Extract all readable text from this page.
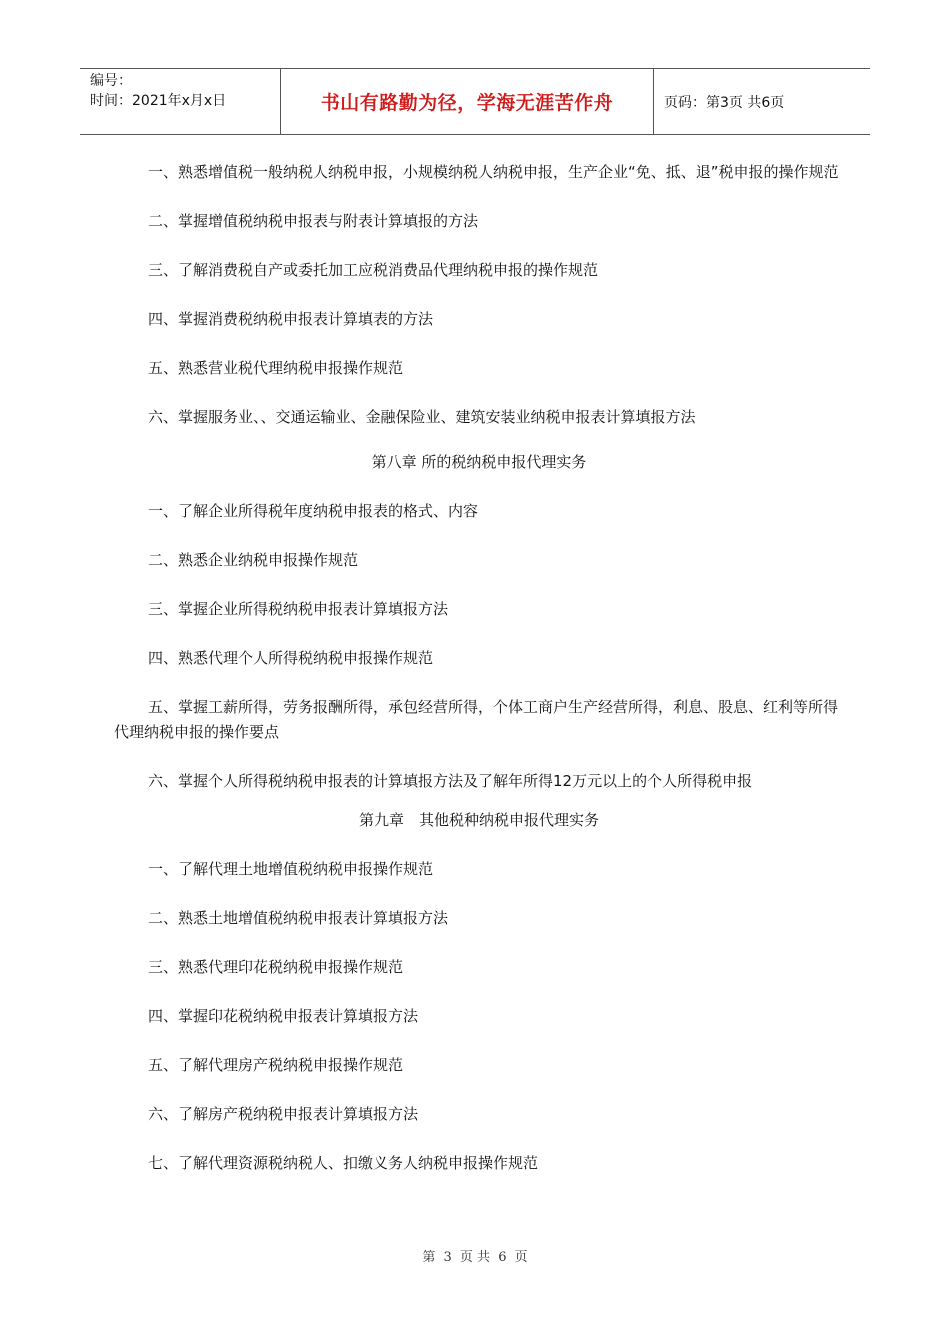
编号：
时间：2021年x月x日	书山有路勤为径，学海无涯苦作舟	页码：第3页 共6页

一、熟悉增值税一般纳税人纳税申报，小规模纳税人纳税申报，生产企业“免、抵、退”税申报的操作规范

二、掌握增值税纳税申报表与附表计算填报的方法

三、了解消费税自产或委托加工应税消费品代理纳税申报的操作规范

四、掌握消费税纳税申报表计算填表的方法

五、熟悉营业税代理纳税申报操作规范

六、掌握服务业、、交通运输业、金融保险业、建筑安装业纳税申报表计算填报方法

第八章 所的税纳税申报代理实务

一、了解企业所得税年度纳税申报表的格式、内容

二、熟悉企业纳税申报操作规范

三、掌握企业所得税纳税申报表计算填报方法

四、熟悉代理个人所得税纳税申报操作规范

五、掌握工薪所得，劳务报酬所得，承包经营所得，个体工商户生产经营所得，利息、股息、红利等所得代理纳税申报的操作要点

六、掌握个人所得税纳税申报表的计算填报方法及了解年所得12万元以上的个人所得税申报

第九章　其他税种纳税申报代理实务

一、了解代理土地增值税纳税申报操作规范

二、熟悉土地增值税纳税申报表计算填报方法

三、熟悉代理印花税纳税申报操作规范

四、掌握印花税纳税申报表计算填报方法

五、了解代理房产税纳税申报操作规范

六、了解房产税纳税申报表计算填报方法

七、了解代理资源税纳税人、扣缴义务人纳税申报操作规范

第 3 页 共 6 页
